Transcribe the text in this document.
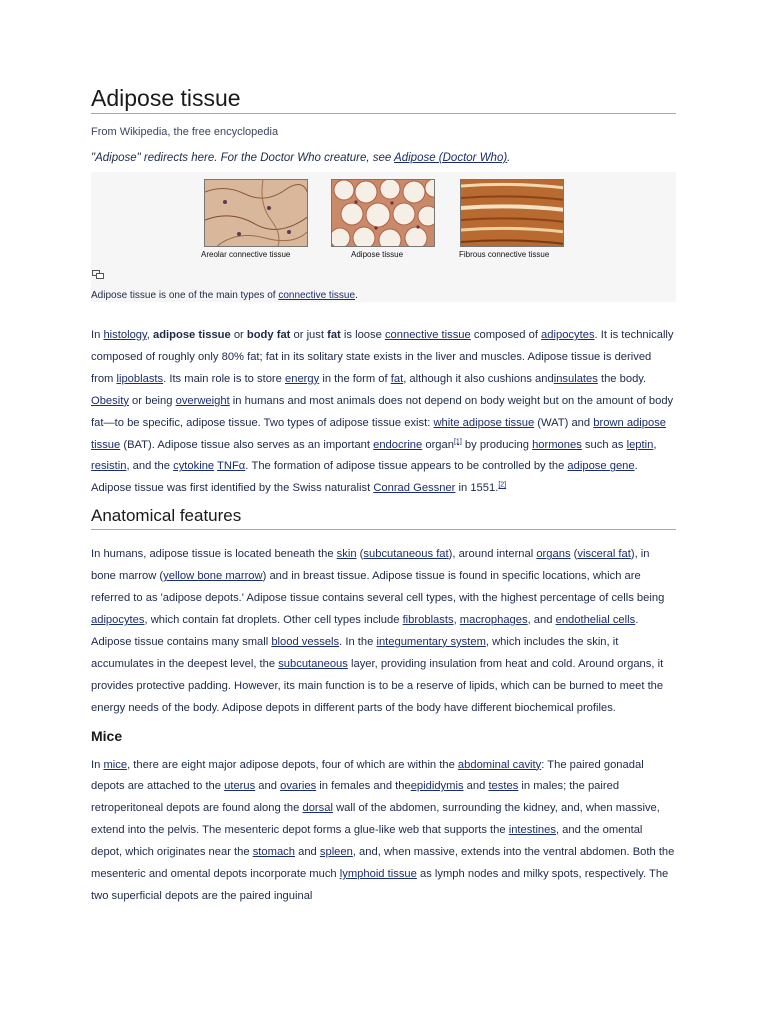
Adipose tissue
From Wikipedia, the free encyclopedia
"Adipose" redirects here. For the Doctor Who creature, see Adipose (Doctor Who).
Areolar connective tissue	Adipose tissue	Fibrous connective tissue
Adipose tissue is one of the main types of connective tissue.

In histology, adipose tissue or body fat or just fat is loose connective tissue composed of adipocytes. It is technically composed of roughly only 80% fat; fat in its solitary state exists in the liver and muscles. Adipose tissue is derived from lipoblasts. Its main role is to store energy in the form of fat, although it also cushions andinsulates the body. Obesity or being overweight in humans and most animals does not depend on body weight but on the amount of body fat—to be specific, adipose tissue. Two types of adipose tissue exist: white adipose tissue (WAT) and brown adipose tissue (BAT). Adipose tissue also serves as an important endocrine organ[1] by producing hormones such as leptin, resistin, and the cytokine TNFα. The formation of adipose tissue appears to be controlled by the adipose gene. Adipose tissue was first identified by the Swiss naturalist Conrad Gessner in 1551.[2]

Anatomical features

In humans, adipose tissue is located beneath the skin (subcutaneous fat), around internal organs (visceral fat), in bone marrow (yellow bone marrow) and in breast tissue. Adipose tissue is found in specific locations, which are referred to as 'adipose depots.' Adipose tissue contains several cell types, with the highest percentage of cells being adipocytes, which contain fat droplets. Other cell types include fibroblasts, macrophages, and endothelial cells. Adipose tissue contains many small blood vessels. In the integumentary system, which includes the skin, it accumulates in the deepest level, the subcutaneous layer, providing insulation from heat and cold. Around organs, it provides protective padding. However, its main function is to be a reserve of lipids, which can be burned to meet the energy needs of the body. Adipose depots in different parts of the body have different biochemical profiles.

Mice

In mice, there are eight major adipose depots, four of which are within the abdominal cavity: The paired gonadal depots are attached to the uterus and ovaries in females and theepididymis and testes in males; the paired retroperitoneal depots are found along the dorsal wall of the abdomen, surrounding the kidney, and, when massive, extend into the pelvis. The mesenteric depot forms a glue-like web that supports the intestines, and the omental depot, which originates near the stomach and spleen, and, when massive, extends into the ventral abdomen. Both the mesenteric and omental depots incorporate much lymphoid tissue as lymph nodes and milky spots, respectively. The two superficial depots are the paired inguinal
